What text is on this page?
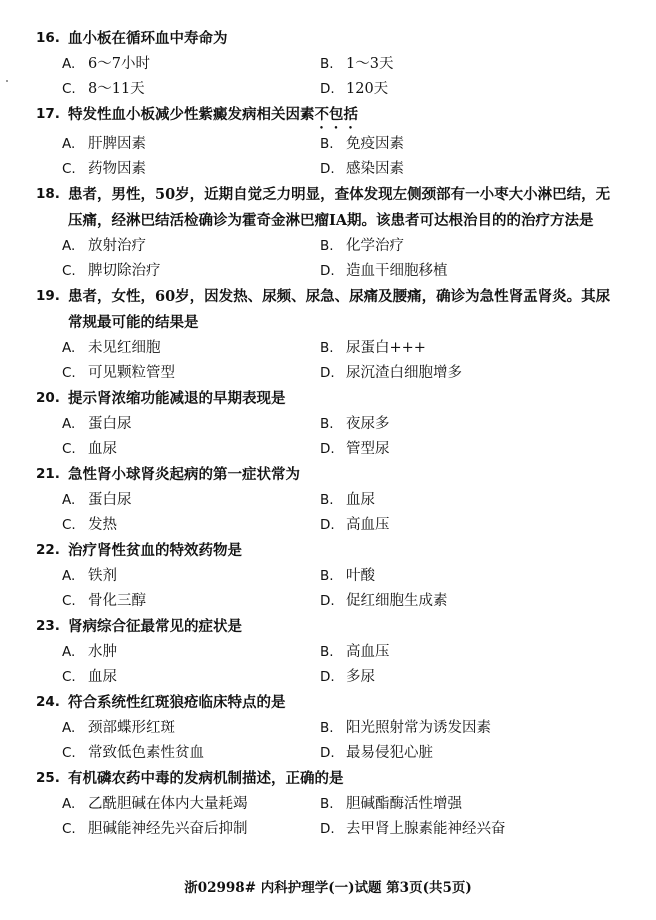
16. 血小板在循环血中寿命为
A. 6～7小时	B. 1～3天
C. 8～11天	D. 120天
17. 特发性血小板减少性紫癜发病相关因素不包括
A. 肝脾因素	B. 免疫因素
C. 药物因素	D. 感染因素
18. 患者，男性，50岁，近期自觉乏力明显，查体发现左侧颈部有一小枣大小淋巴结，无压痛，经淋巴结活检确诊为霍奇金淋巴瘤IA期。该患者可达根治目的的治疗方法是
A. 放射治疗	B. 化学治疗
C. 脾切除治疗	D. 造血干细胞移植
19. 患者，女性，60岁，因发热、尿频、尿急、尿痛及腰痛，确诊为急性肾盂肾炎。其尿常规最可能的结果是
A. 未见红细胞	B. 尿蛋白+++
C. 可见颗粒管型	D. 尿沉渣白细胞增多
20. 提示肾浓缩功能减退的早期表现是
A. 蛋白尿	B. 夜尿多
C. 血尿	D. 管型尿
21. 急性肾小球肾炎起病的第一症状常为
A. 蛋白尿	B. 血尿
C. 发热	D. 高血压
22. 治疗肾性贫血的特效药物是
A. 铁剂	B. 叶酸
C. 骨化三醇	D. 促红细胞生成素
23. 肾病综合征最常见的症状是
A. 水肿	B. 高血压
C. 血尿	D. 多尿
24. 符合系统性红斑狼疮临床特点的是
A. 颈部蝶形红斑	B. 阳光照射常为诱发因素
C. 常致低色素性贫血	D. 最易侵犯心脏
25. 有机磷农药中毒的发病机制描述，正确的是
A. 乙酰胆碱在体内大量耗竭	B. 胆碱酯酶活性增强
C. 胆碱能神经先兴奋后抑制	D. 去甲肾上腺素能神经兴奋
浙02998# 内科护理学(一)试题 第3页(共5页)
